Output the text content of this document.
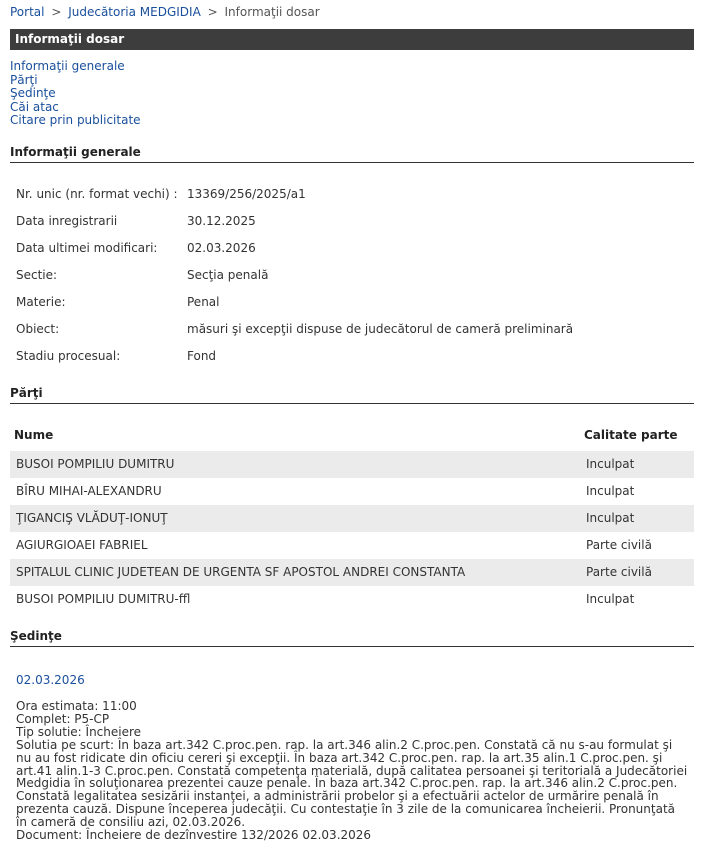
Portal > Judecătoria MEDGIDIA > Informaţii dosar
Informaţii dosar
Informaţii generale
Părţi
Şedinţe
Căi atac
Citare prin publicitate
Informaţii generale
Nr. unic (nr. format vechi) : 13369/256/2025/a1
Data inregistrarii	30.12.2025
Data ultimei modificari: 02.03.2026
Sectie:	Secţia penală
Materie:	Penal
Obiect:	măsuri şi excepţii dispuse de judecătorul de cameră preliminară
Stadiu procesual:	Fond
Părţi
Nume	Calitate parte
BUSOI POMPILIU DUMITRU	Inculpat
BÎRU MIHAI-ALEXANDRU	Inculpat
ŢIGANCIŞ VLĂDUŢ-IONUŢ	Inculpat
AGIURGIOAEI FABRIEL	Parte civilă
SPITALUL CLINIC JUDETEAN DE URGENTA SF APOSTOL ANDREI CONSTANTA	Parte civilă
BUSOI POMPILIU DUMITRU-ffl	Inculpat
Şedinţe
02.03.2026
Ora estimata: 11:00
Complet: P5-CP
Tip solutie: Încheiere
Solutia pe scurt: În baza art.342 C.proc.pen. rap. la art.346 alin.2 C.proc.pen. Constată că nu s-au formulat şi nu au fost ridicate din oficiu cereri şi excepţii. În baza art.342 C.proc.pen. rap. la art.35 alin.1 C.proc.pen. şi art.41 alin.1-3 C.proc.pen. Constată competenţa materială, după calitatea persoanei şi teritorială a Judecătoriei Medgidia în soluţionarea prezentei cauze penale. În baza art.342 C.proc.pen. rap. la art.346 alin.2 C.proc.pen. Constată legalitatea sesizării instanţei, a administrării probelor şi a efectuării actelor de urmărire penală în prezenta cauză. Dispune începerea judecăţii. Cu contestaţie în 3 zile de la comunicarea încheierii. Pronunţată în cameră de consiliu azi, 02.03.2026.
Document: Încheiere de dezînvestire 132/2026 02.03.2026
